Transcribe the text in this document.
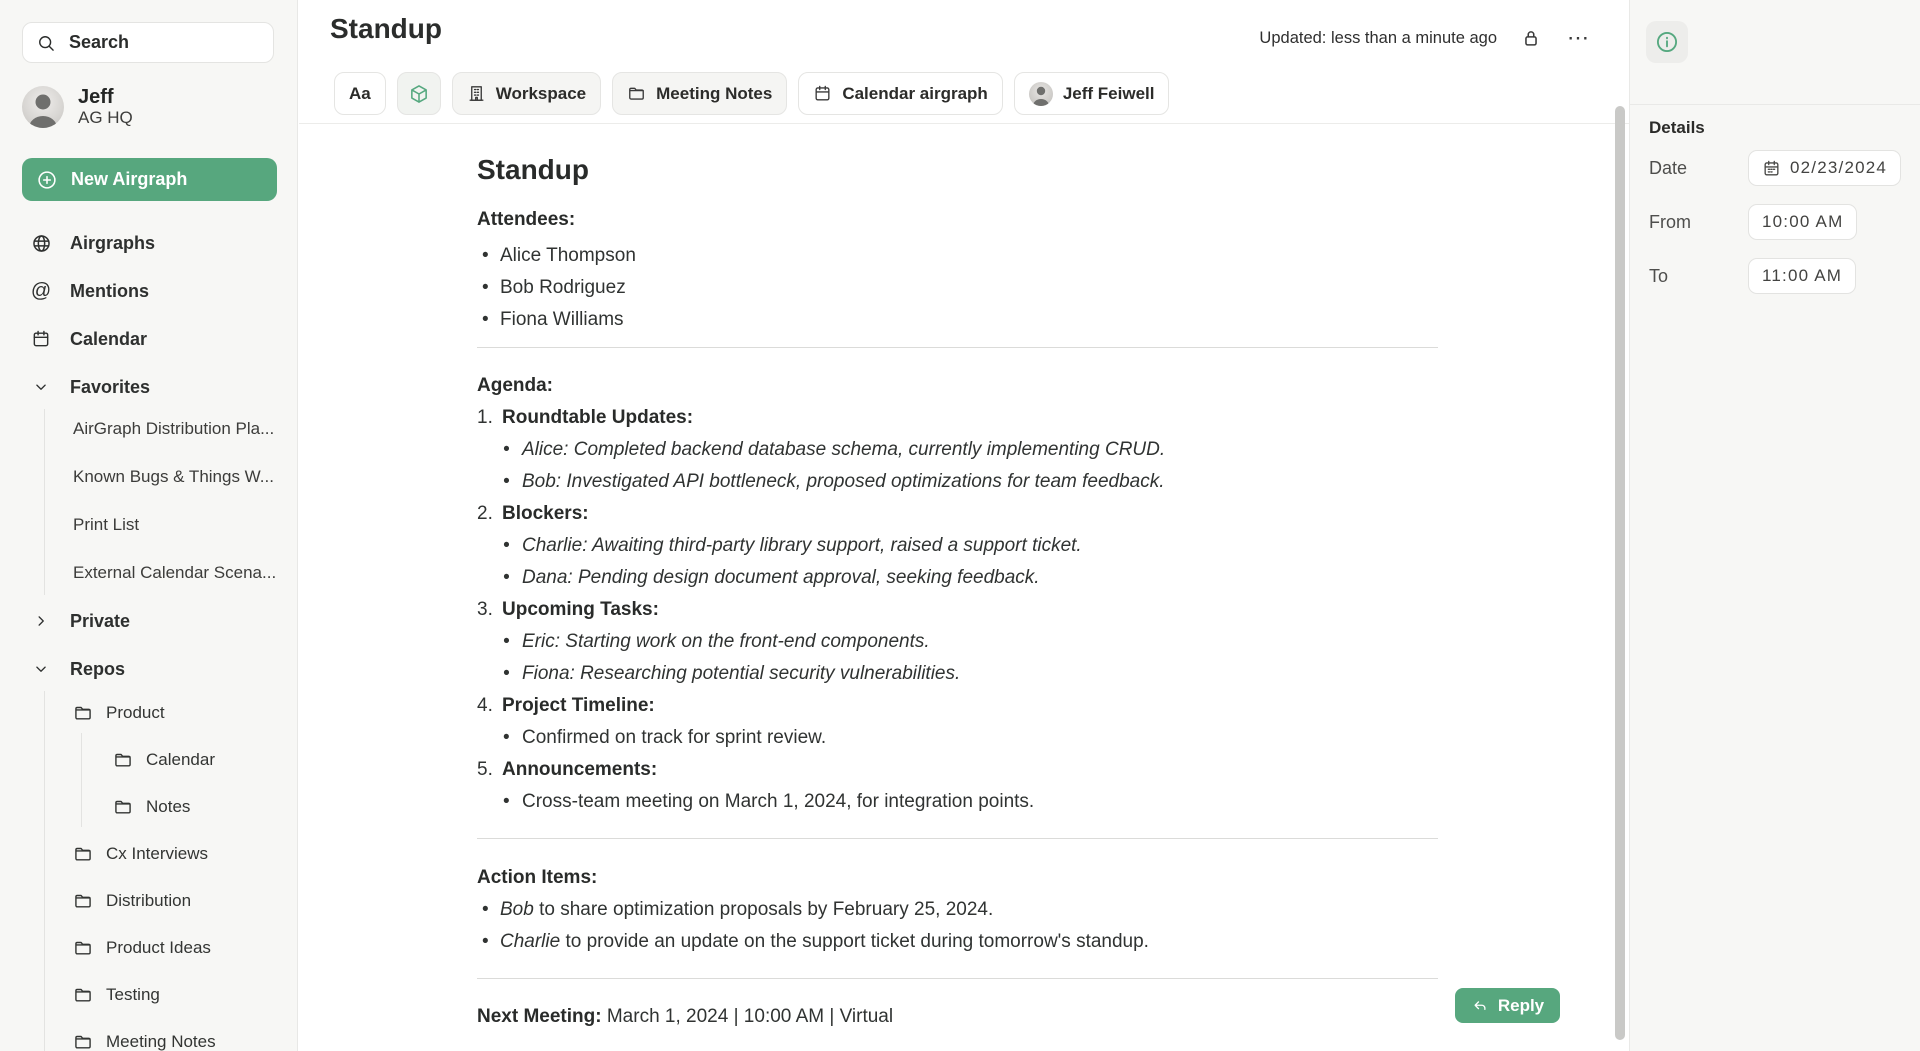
Search
Jeff
AG HQ
New Airgraph
Airgraphs
@ Mentions
Calendar
Favorites
AirGraph Distribution Pla...
Known Bugs & Things W...
Print List
External Calendar Scena...
Private
Repos
Product
Calendar
Notes
Cx Interviews
Distribution
Product Ideas
Testing
Meeting Notes
Standup	Updated: less than a minute ago	⋯
Aa	Workspace	Meeting Notes	Calendar airgraph	Jeff Feiwell
Standup
Attendees:
• Alice Thompson
• Bob Rodriguez
• Fiona Williams
Agenda:
1. Roundtable Updates:
• Alice: Completed backend database schema, currently implementing CRUD.
• Bob: Investigated API bottleneck, proposed optimizations for team feedback.
2. Blockers:
• Charlie: Awaiting third-party library support, raised a support ticket.
• Dana: Pending design document approval, seeking feedback.
3. Upcoming Tasks:
• Eric: Starting work on the front-end components.
• Fiona: Researching potential security vulnerabilities.
4. Project Timeline:
• Confirmed on track for sprint review.
5. Announcements:
• Cross-team meeting on March 1, 2024, for integration points.
Action Items:
• Bob to share optimization proposals by February 25, 2024.
• Charlie to provide an update on the support ticket during tomorrow's standup.
Next Meeting: March 1, 2024 | 10:00 AM | Virtual
Reply
Details
Date	02/23/2024
From	10:00 AM
To	11:00 AM
